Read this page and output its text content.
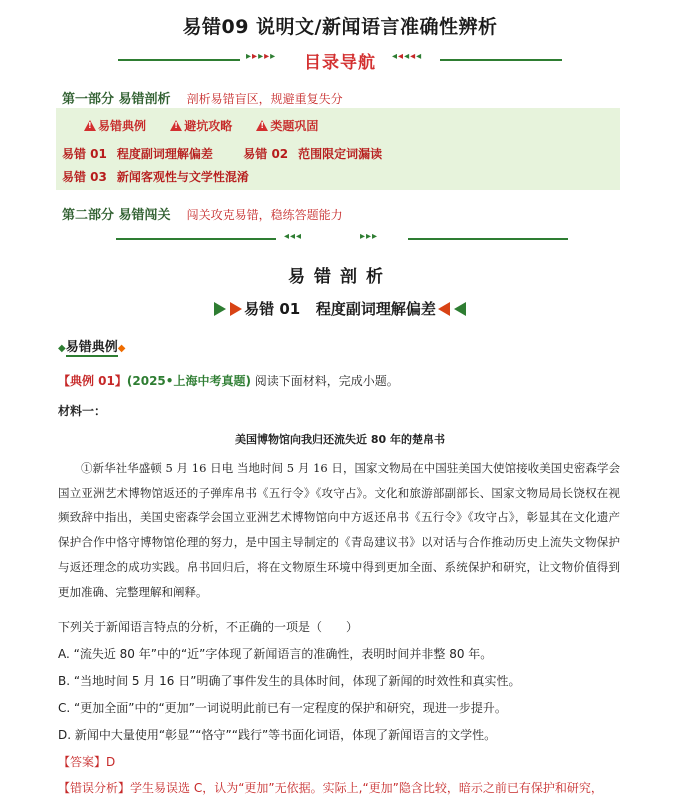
易错09 说明文/新闻语言准确性辨析
▸▸▸▸▸	目录导航	◂◂◂◂◂
第一部分 易错剖析 剖析易错盲区，规避重复失分
!
易错典例
!	避坑攻略
!	类题巩固
易错 01 程度副词理解偏差	易错 02 范围限定词漏读
易错 03 新闻客观性与文学性混淆
第二部分 易错闯关 闯关攻克易错，稳练答题能力
◂◂◂	▸▸▸
易错剖析
易错 01 程度副词理解偏差
◆易错典例◆
【典例 01】(2025•上海中考真题) 阅读下面材料，完成小题。
材料一：
美国博物馆向我归还流失近 80 年的楚帛书
①新华社华盛顿 5 月 16 日电 当地时间 5 月 16 日，国家文物局在中国驻美国大使馆接收美国史密森学会国立亚洲艺术博物馆返还的子弹库帛书《五行令》《攻守占》。文化和旅游部副部长、国家文物局局长饶权在视频致辞中指出，美国史密森学会国立亚洲艺术博物馆向中方返还帛书《五行令》《攻守占》，彰显其在文化遗产保护合作中恪守博物馆伦理的努力，是中国主导制定的《青岛建议书》以对话与合作推动历史上流失文物保护与返还理念的成功实践。帛书回归后，将在文物原生环境中得到更加全面、系统保护和研究，让文物价值得到更加准确、完整理解和阐释。
下列关于新闻语言特点的分析，不正确的一项是（　　）
A. “流失近 80 年”中的“近”字体现了新闻语言的准确性，表明时间并非整 80 年。
B. “当地时间 5 月 16 日”明确了事件发生的具体时间，体现了新闻的时效性和真实性。
C. “更加全面”中的“更加”一词说明此前已有一定程度的保护和研究，现进一步提升。
D. 新闻中大量使用“彰显”“恪守”“践行”等书面化词语，体现了新闻语言的文学性。
【答案】D
【错误分析】学生易误选 C，认为“更加”无依据。实际上,“更加”隐含比较，暗示之前已有保护和研究，
